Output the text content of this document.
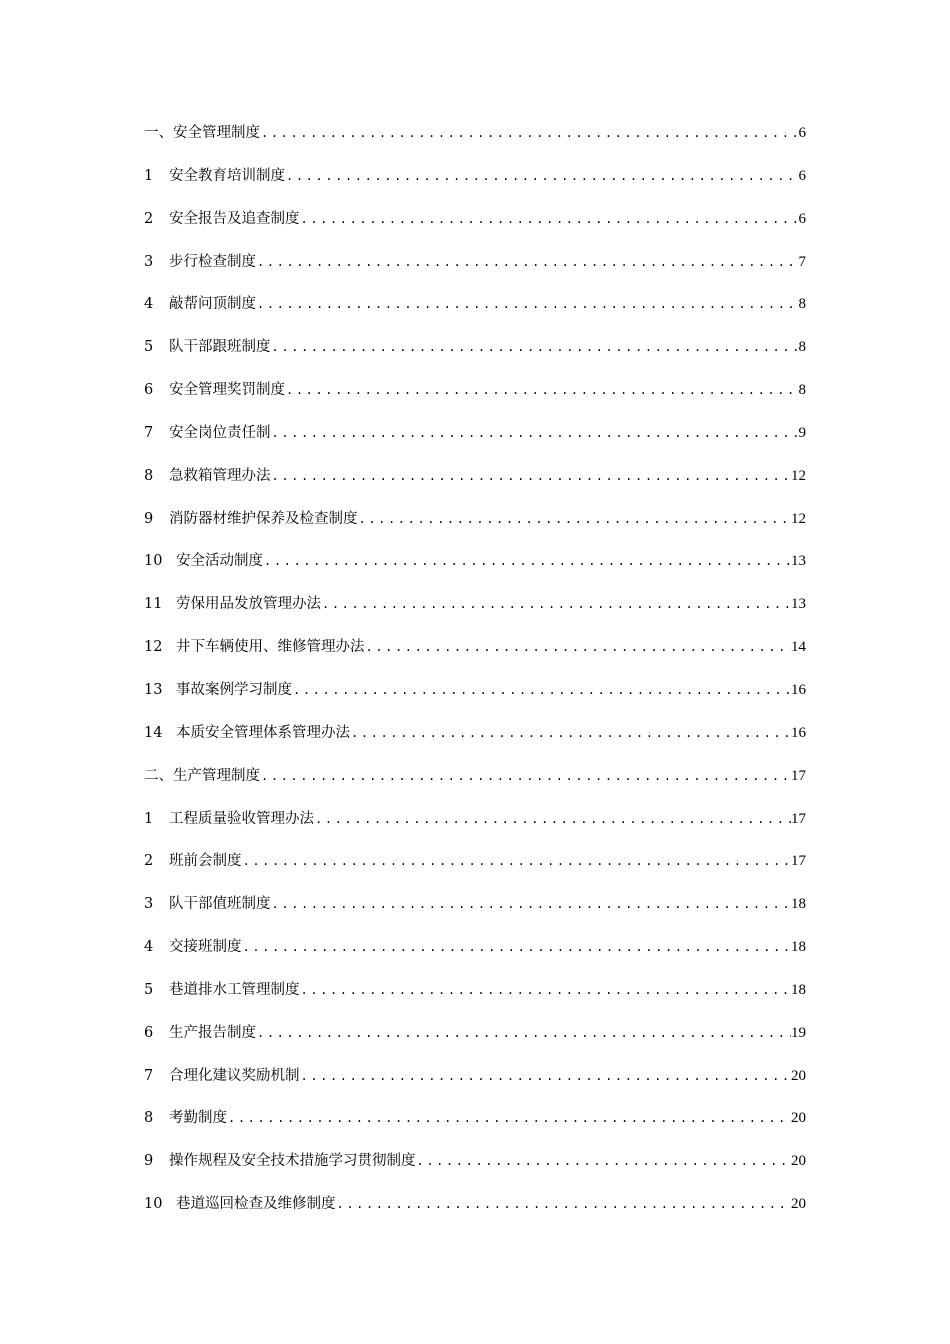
一、安全管理制度 .....	6
1	安全教育培训制度 .....	6
2	安全报告及追查制度 .....	6
3	步行检查制度 .....	7
4	敲帮问顶制度 .....	8
5	队干部跟班制度 .....	8
6	安全管理奖罚制度 .....	8
7	安全岗位责任制 .....	9
8	急救箱管理办法 .....	12
9	消防器材维护保养及检查制度 .....	12
10 安全活动制度 .....	13
11 劳保用品发放管理办法 .....	13
12 井下车辆使用、维修管理办法 .....	14
13 事故案例学习制度 .....	16
14 本质安全管理体系管理办法 .....	16
二、生产管理制度 .....	17
1	工程质量验收管理办法 .....	17
2	班前会制度 .....	17
3	队干部值班制度 .....	18
4	交接班制度 .....	18
5	巷道排水工管理制度 .....	18
6	生产报告制度 .....	19
7	合理化建议奖励机制 .....	20
8	考勤制度 .....	20
9	操作规程及安全技术措施学习贯彻制度 .....	20
10 巷道巡回检查及维修制度 .....	20
